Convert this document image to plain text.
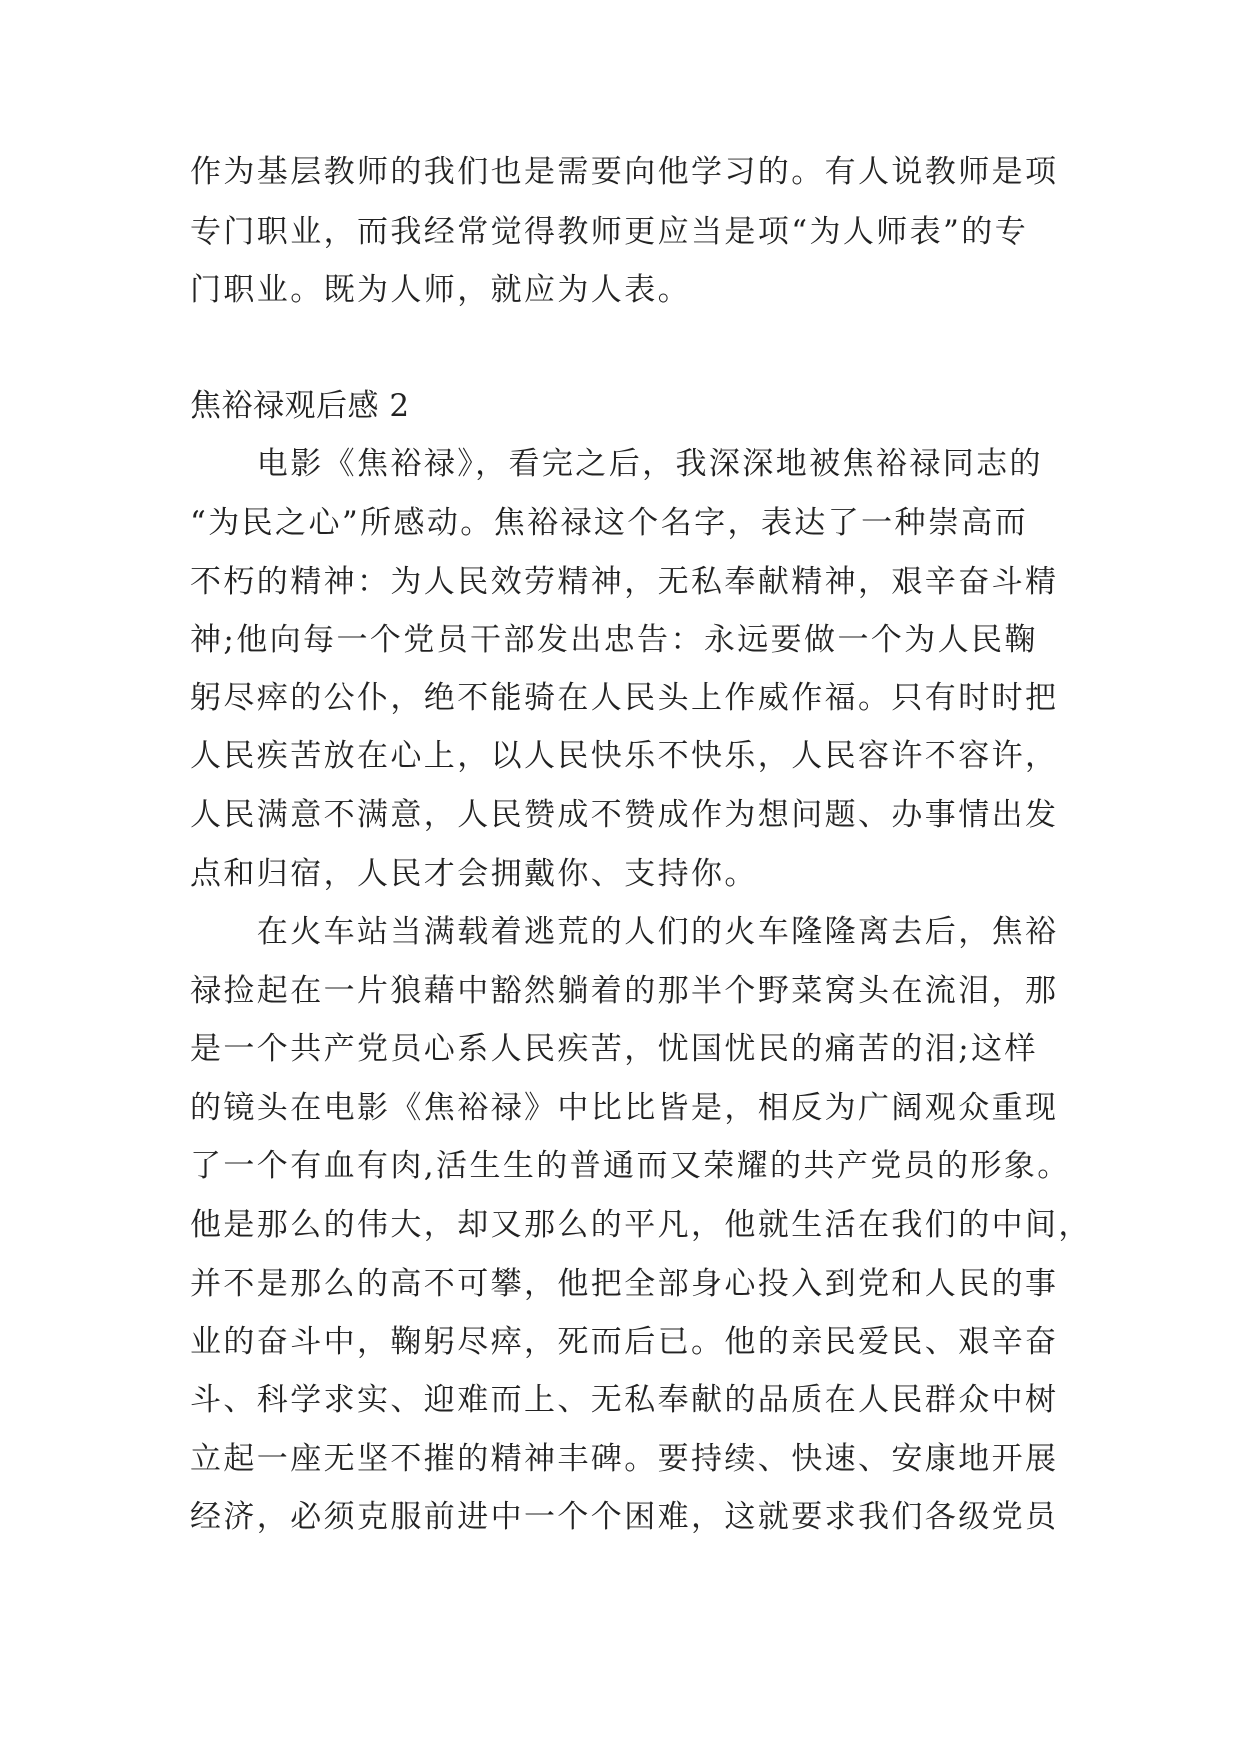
作为基层教师的我们也是需要向他学习的。有人说教师是项
专门职业，而我经常觉得教师更应当是项“为人师表”的专
门职业。既为人师，就应为人表。
焦裕禄观后感 2
　　电影《焦裕禄》，看完之后，我深深地被焦裕禄同志的
“为民之心”所感动。焦裕禄这个名字，表达了一种崇高而
不朽的精神：为人民效劳精神，无私奉献精神，艰辛奋斗精
神;他向每一个党员干部发出忠告：永远要做一个为人民鞠
躬尽瘁的公仆，绝不能骑在人民头上作威作福。只有时时把
人民疾苦放在心上，以人民快乐不快乐，人民容许不容许，
人民满意不满意，人民赞成不赞成作为想问题、办事情出发
点和归宿，人民才会拥戴你、支持你。
　　在火车站当满载着逃荒的人们的火车隆隆离去后，焦裕
禄捡起在一片狼藉中豁然躺着的那半个野菜窝头在流泪，那
是一个共产党员心系人民疾苦，忧国忧民的痛苦的泪;这样
的镜头在电影《焦裕禄》中比比皆是，相反为广阔观众重现
了一个有血有肉,活生生的普通而又荣耀的共产党员的形象。
他是那么的伟大，却又那么的平凡，他就生活在我们的中间，
并不是那么的高不可攀，他把全部身心投入到党和人民的事
业的奋斗中，鞠躬尽瘁，死而后已。他的亲民爱民、艰辛奋
斗、科学求实、迎难而上、无私奉献的品质在人民群众中树
立起一座无坚不摧的精神丰碑。要持续、快速、安康地开展
经济，必须克服前进中一个个困难，这就要求我们各级党员
